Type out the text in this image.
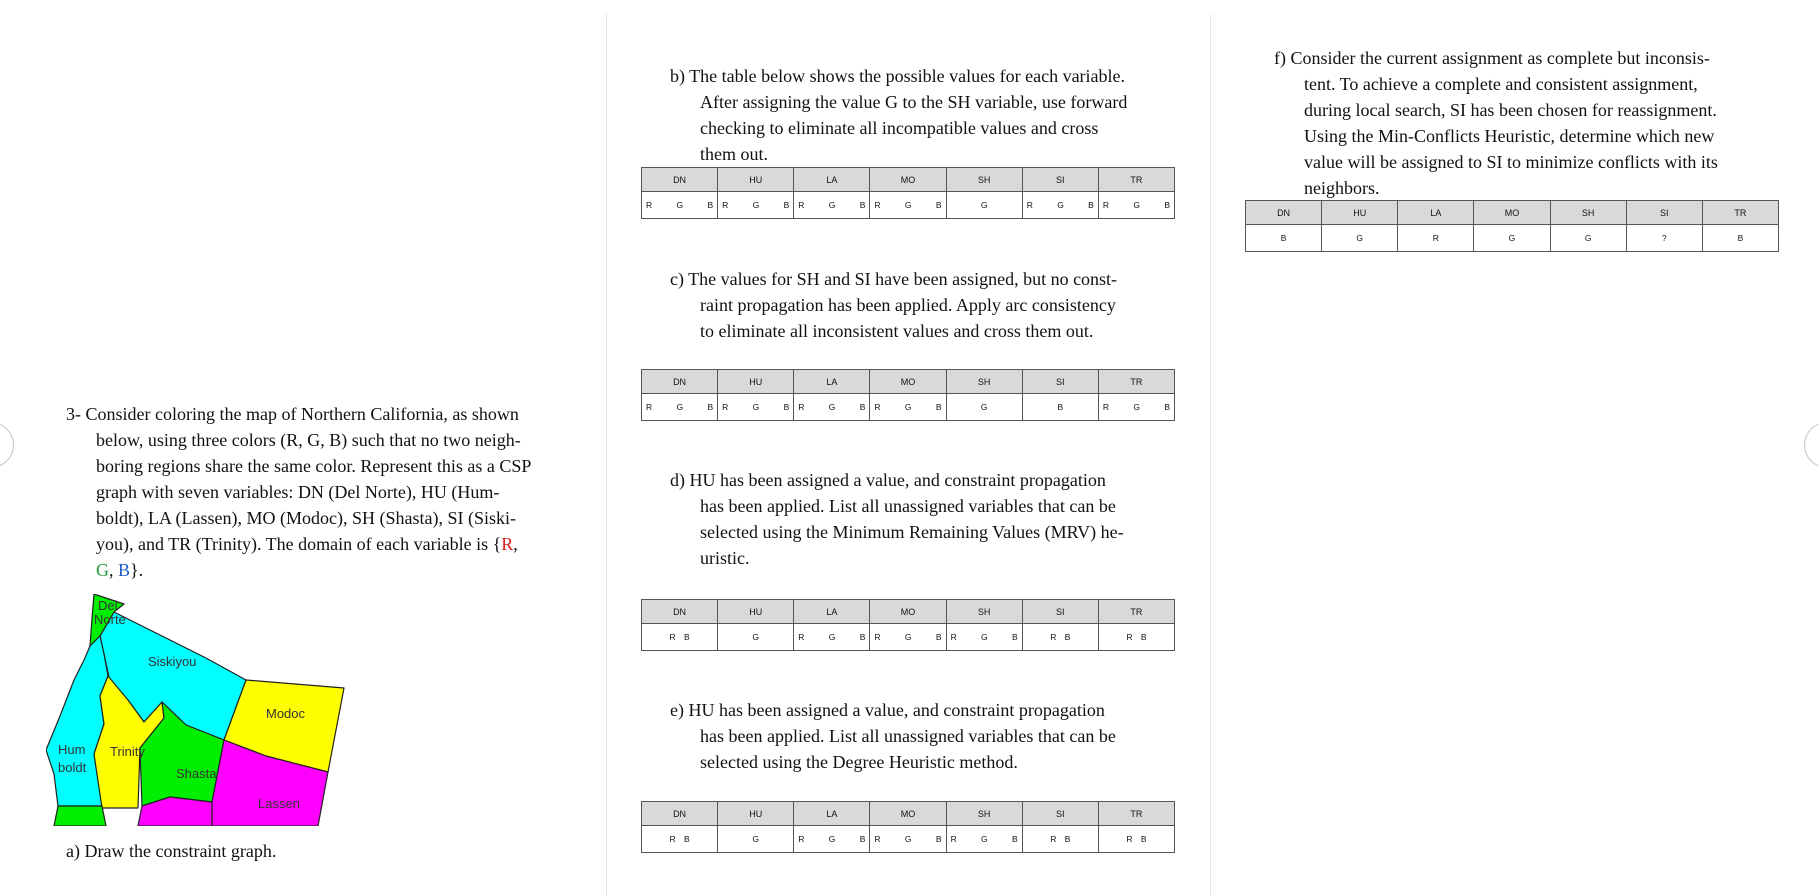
3- Consider coloring the map of Northern California, as shown
below, using three colors (R, G, B) such that no two neigh-
boring regions share the same color. Represent this as a CSP
graph with seven variables: DN (Del Norte), HU (Hum-
boldt), LA (Lassen), MO (Modoc), SH (Shasta), SI (Siski-
you), and TR (Trinity). The domain of each variable is {R,
G, B}.
Del
Norte
Siskiyou
Modoc
Hum
boldt
Trinity
Shasta
Lassen
a) Draw the constraint graph.
b) The table below shows the possible values for each variable.
After assigning the value G to the SH variable, use forward
checking to eliminate all incompatible values and cross
them out.
DN	HU	LA	MO	SH	SI	TR
R G B	R G B	R G B	R G B	G	R G B	R G B
c) The values for SH and SI have been assigned, but no const-
raint propagation has been applied. Apply arc consistency
to eliminate all inconsistent values and cross them out.
DN	HU	LA	MO	SH	SI	TR
R G B	R G B	R G B	R G B	G	B	R G B
d) HU has been assigned a value, and constraint propagation
has been applied. List all unassigned variables that can be
selected using the Minimum Remaining Values (MRV) he-
uristic.
DN	HU	LA	MO	SH	SI	TR
R B	G	R G B	R G B	R G B	R B	R B
e) HU has been assigned a value, and constraint propagation
has been applied. List all unassigned variables that can be
selected using the Degree Heuristic method.
DN	HU	LA	MO	SH	SI	TR
R B	G	R G B	R G B	R G B	R B	R B
f) Consider the current assignment as complete but inconsis-
tent. To achieve a complete and consistent assignment,
during local search, SI has been chosen for reassignment.
Using the Min-Conflicts Heuristic, determine which new
value will be assigned to SI to minimize conflicts with its
neighbors.
DN	HU	LA	MO	SH	SI	TR
B	G	R	G	G	?	B
